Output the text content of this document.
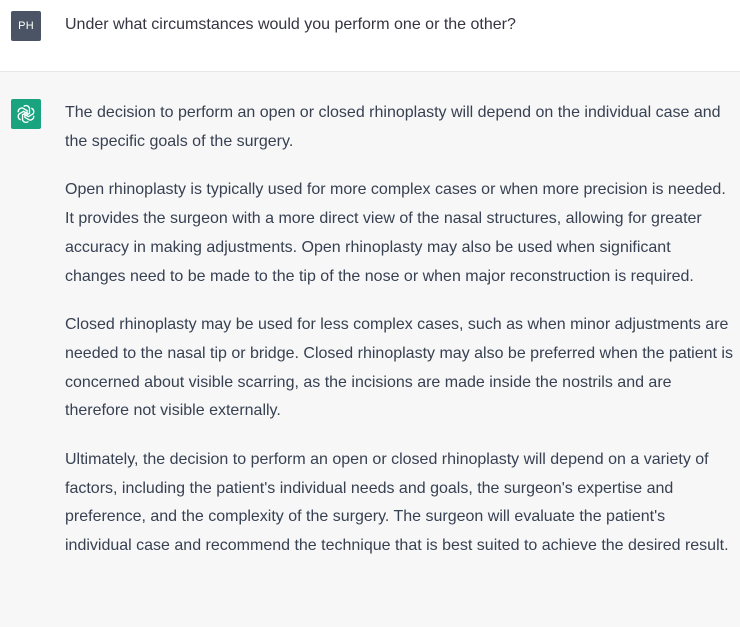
PH	Under what circumstances would you perform one or the other?

The decision to perform an open or closed rhinoplasty will depend on the individual case and the specific goals of the surgery.

Open rhinoplasty is typically used for more complex cases or when more precision is needed. It provides the surgeon with a more direct view of the nasal structures, allowing for greater accuracy in making adjustments. Open rhinoplasty may also be used when significant changes need to be made to the tip of the nose or when major reconstruction is required.

Closed rhinoplasty may be used for less complex cases, such as when minor adjustments are needed to the nasal tip or bridge. Closed rhinoplasty may also be preferred when the patient is concerned about visible scarring, as the incisions are made inside the nostrils and are therefore not visible externally.

Ultimately, the decision to perform an open or closed rhinoplasty will depend on a variety of factors, including the patient's individual needs and goals, the surgeon's expertise and preference, and the complexity of the surgery. The surgeon will evaluate the patient's individual case and recommend the technique that is best suited to achieve the desired result.
